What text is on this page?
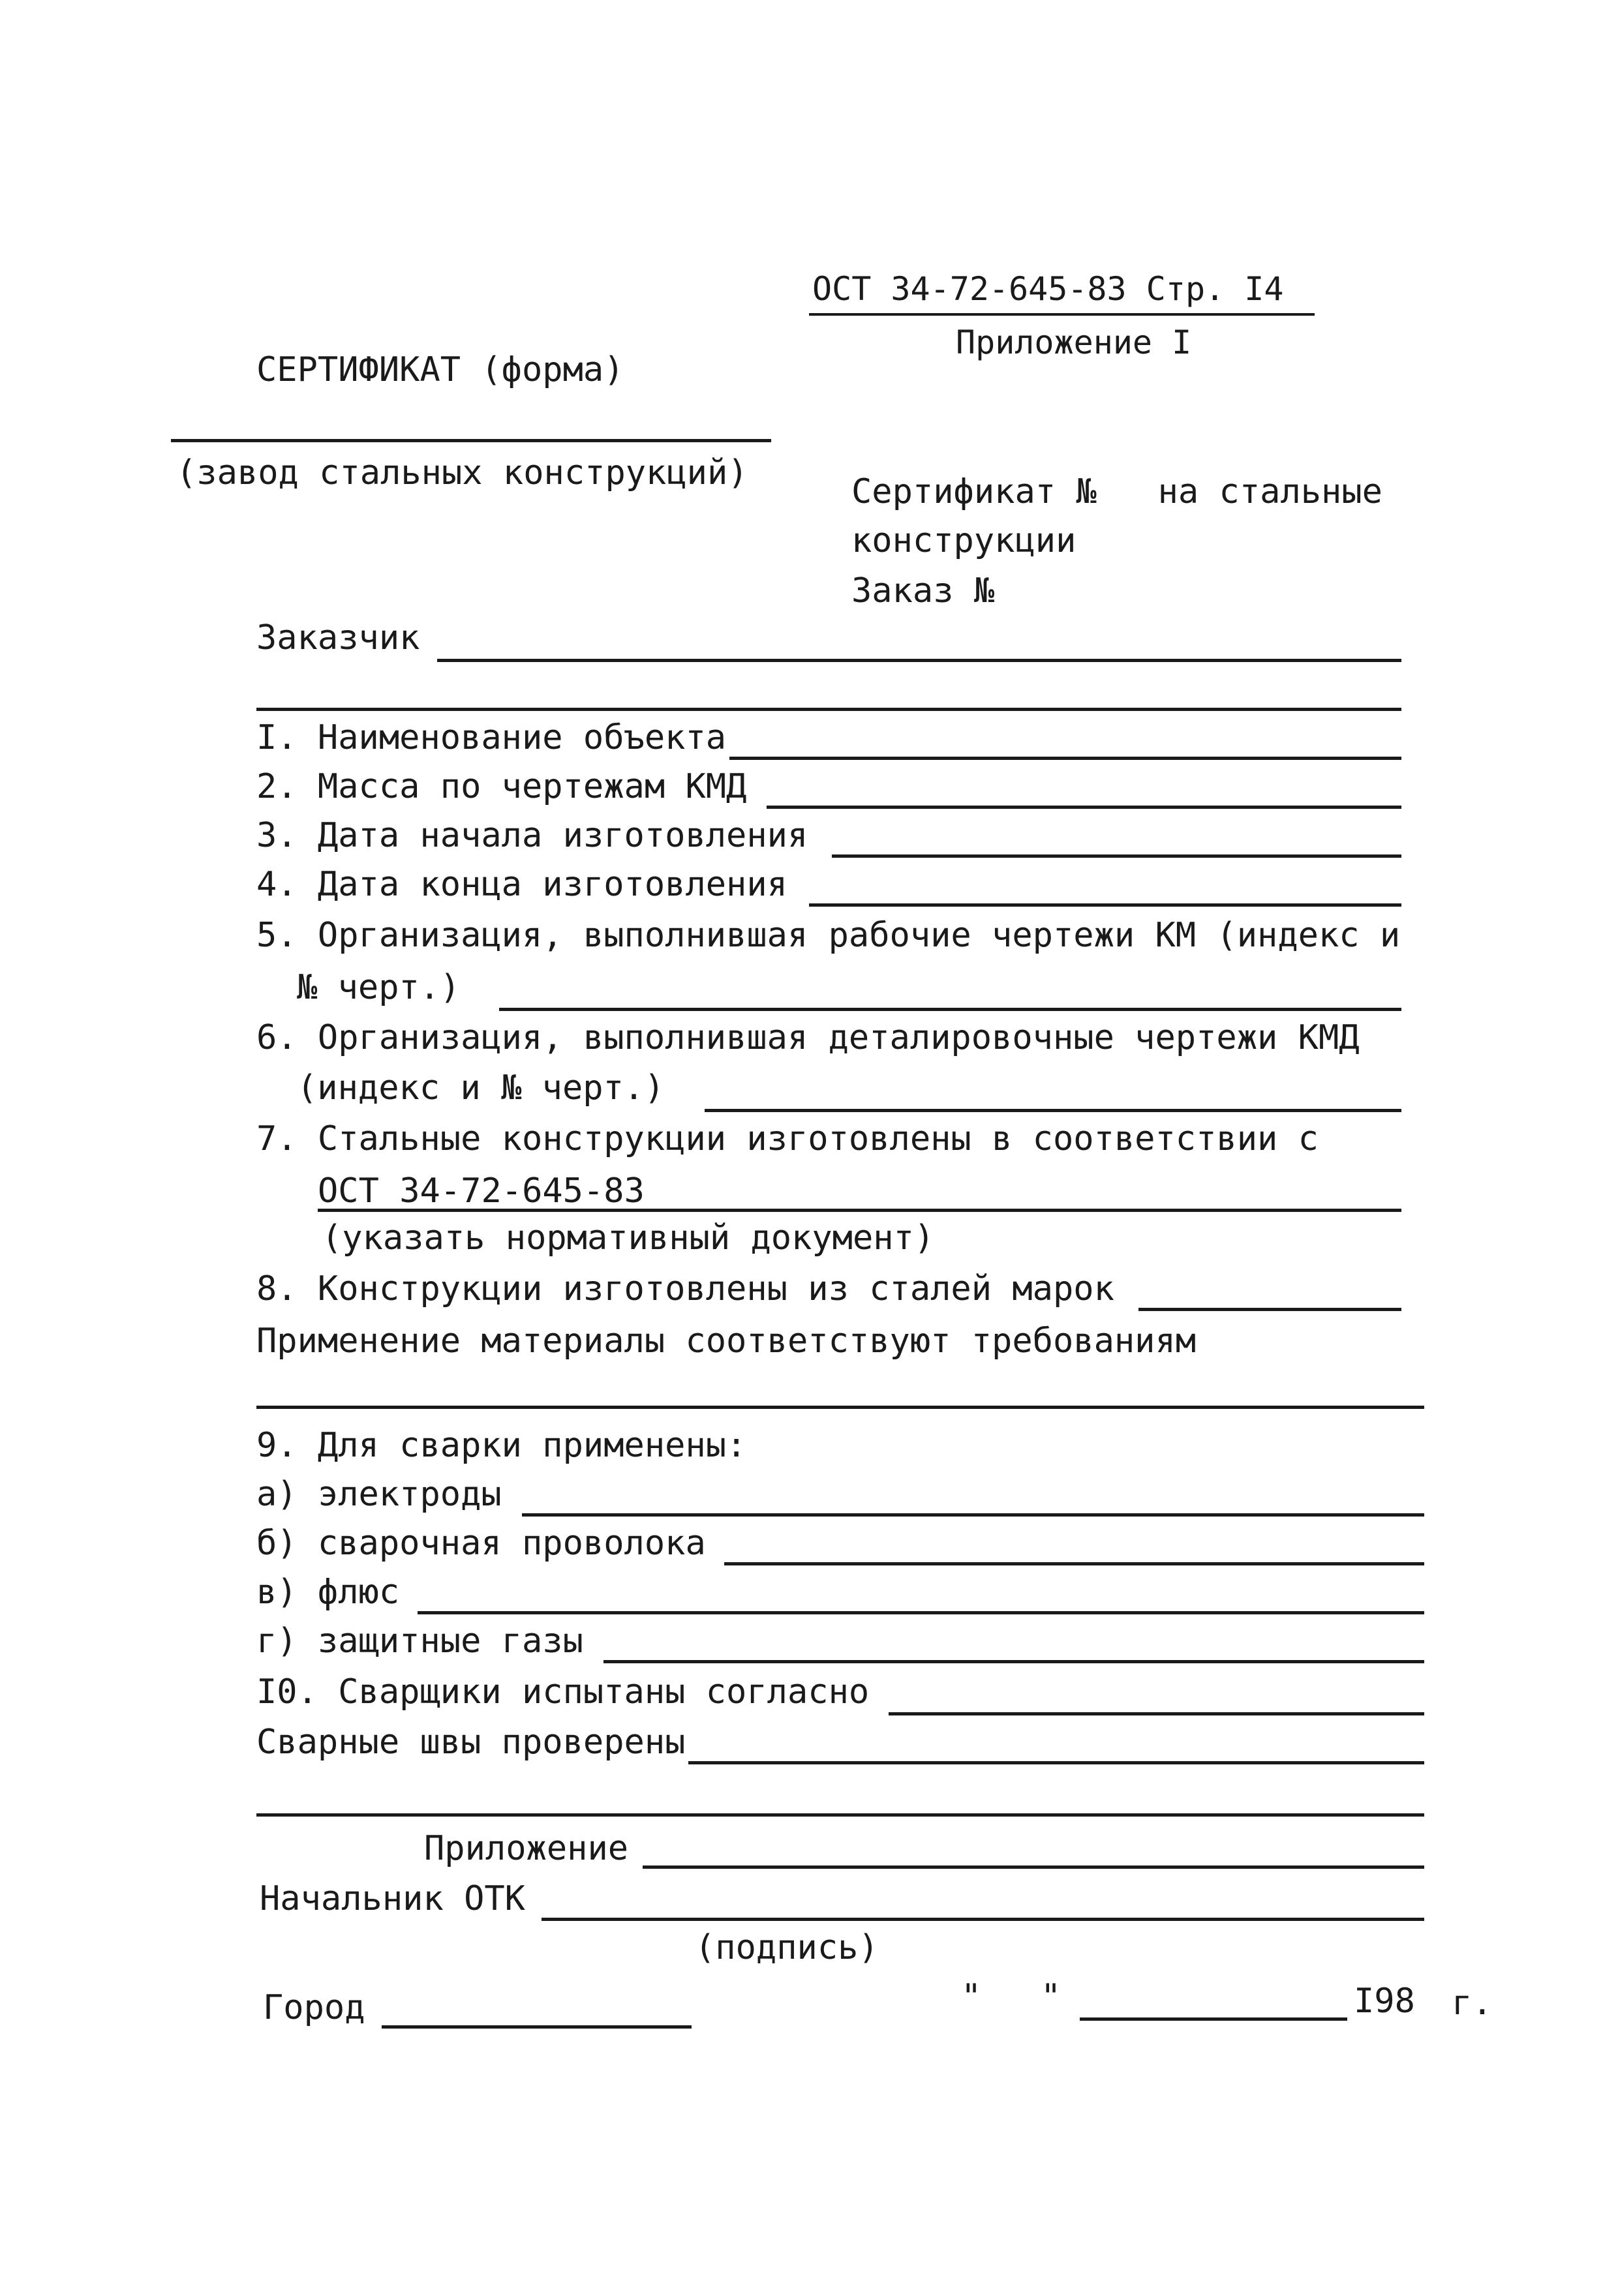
ОСТ 34-72-645-83 Стр. I4
Приложение I
СЕРТИФИКАТ (форма)
(завод стальных конструкций)	Сертификат №   на стальные
конструкции
Заказ №
Заказчик
I. Наименование объекта
2. Масса по чертежам КМД
3. Дата начала изготовления
4. Дата конца изготовления
5. Организация, выполнившая рабочие чертежи КМ (индекс и
№ черт.)
6. Организация, выполнившая деталировочные чертежи КМД
(индекс и № черт.)
7. Стальные конструкции изготовлены в соответствии с
ОСТ 34-72-645-83
(указать нормативный документ)
8. Конструкции изготовлены из сталей марок
Применение материалы соответствуют требованиям
9. Для сварки применены:
а) электроды
б) сварочная проволока
в) флюс
г) защитные газы
I0. Сварщики испытаны согласно
Сварные швы проверены
Приложение
Начальник ОТК
(подпись)
Город	" "	I98 г.
